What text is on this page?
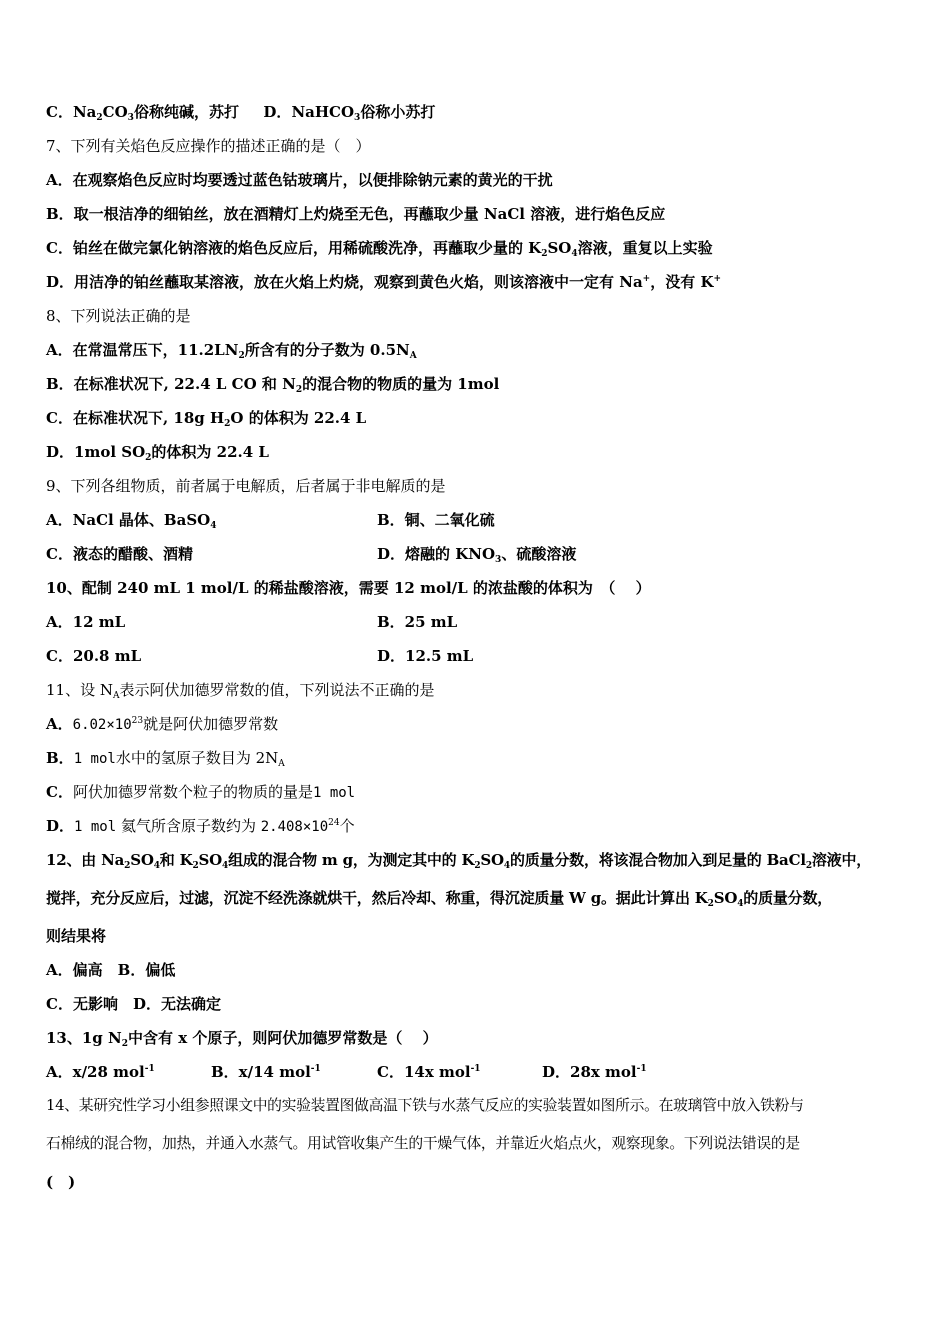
C．$Na_2CO_3$俗称纯碱，苏打 D．NaHCO$_3$俗称小苏打
7、下列有关焰色反应操作的描述正确的是（　）
A．在观察焰色反应时均要透过蓝色钴玻璃片，以便排除钠元素的黄光的干扰
B．取一根洁净的细铂丝，放在酒精灯上灼烧至无色，再蘸取少量 NaCl 溶液，进行焰色反应
C．铂丝在做完氯化钠溶液的焰色反应后，用稀硫酸洗净，再蘸取少量的 $K_2SO_4$溶液，重复以上实验
D．用洁净的铂丝蘸取某溶液，放在火焰上灼烧，观察到黄色火焰，则该溶液中一定有 Na+，没有 K+
8、下列说法正确的是
A．在常温常压下，$11.2LN_2$所含有的分子数为 $0.5N_A$
B．在标准状况下, 22.4 L CO 和 $N_2$的混合物的物质的量为 1mol
C．在标准状况下, 18g $H_2O$ 的体积为 22.4 L
D．1mol $SO_2$的体积为 22.4 L
9、下列各组物质，前者属于电解质，后者属于非电解质的是
A．NaCl 晶体、BaSO$_4$	B．铜、二氧化硫
C．液态的醋酸、酒精	D．熔融的 $KNO_3$、硫酸溶液
10、配制 240 mL 1 mol/L 的稀盐酸溶液，需要 12 mol/L 的浓盐酸的体积为　（　 ）
A．12 mL	B．25 mL
C．20.8 mL	D．12.5 mL
11、设 $N_A$表示阿伏加德罗常数的值，下列说法不正确的是
A．$6.02\times 10^{23}$就是阿伏加德罗常数
B．1 mol水中的氢原子数目为 $2N_A$
C．阿伏加德罗常数个粒子的物质的量是1 mol
D．1 mol 氦气所含原子数约为 $2.408\times 10^{24}$个
12、由 $Na_2SO_4$和 $K_2SO_4$组成的混合物 m g，为测定其中的 $K_2SO_4$的质量分数，将该混合物加入到足量的 BaCl$_2$溶液中，
搅拌，充分反应后，过滤，沉淀不经洗涤就烘干，然后冷却、称重，得沉淀质量 W g。据此计算出 $K_2SO_4$的质量分数，
则结果将
A．偏高　B．偏低
C．无影响　D．无法确定
13、1g $N_2$中含有 x 个原子，则阿伏加德罗常数是（　 ）
A．x/28 mol$^{-1}$	B．x/14 mol$^{-1}$	C．14x mol$^{-1}$	D．28x mol$^{-1}$
14、某研究性学习小组参照课文中的实验装置图做高温下铁与水蒸气反应的实验装置如图所示。在玻璃管中放入铁粉与
石棉绒的混合物，加热，并通入水蒸气。用试管收集产生的干燥气体，并靠近火焰点火，观察现象。下列说法错误的是
(　)
